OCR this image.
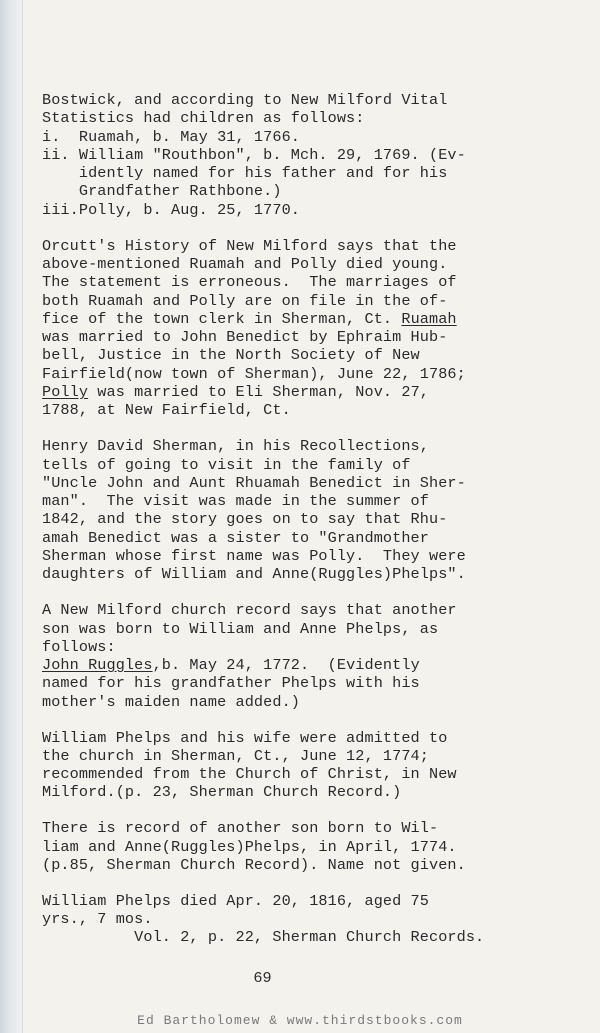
Bostwick, and according to New Milford Vital
Statistics had children as follows:
i.  Ruamah, b. May 31, 1766.
ii. William "Routhbon", b. Mch. 29, 1769. (Ev-
idently named for his father and for his
Grandfather Rathbone.)
iii.Polly, b. Aug. 25, 1770.
Orcutt's History of New Milford says that the
above-mentioned Ruamah and Polly died young.
The statement is erroneous.  The marriages of
both Ruamah and Polly are on file in the of-
fice of the town clerk in Sherman, Ct. Ruamah
was married to John Benedict by Ephraim Hub-
bell, Justice in the North Society of New
Fairfield(now town of Sherman), June 22, 1786;
Polly was married to Eli Sherman, Nov. 27,
1788, at New Fairfield, Ct.
Henry David Sherman, in his Recollections,
tells of going to visit in the family of
"Uncle John and Aunt Rhuamah Benedict in Sher-
man".  The visit was made in the summer of
1842, and the story goes on to say that Rhu-
amah Benedict was a sister to "Grandmother
Sherman whose first name was Polly.  They were
daughters of William and Anne(Ruggles)Phelps".
A New Milford church record says that another
son was born to William and Anne Phelps, as
follows:
John Ruggles,b. May 24, 1772.  (Evidently
named for his grandfather Phelps with his
mother's maiden name added.)
William Phelps and his wife were admitted to
the church in Sherman, Ct., June 12, 1774;
recommended from the Church of Christ, in New
Milford.(p. 23, Sherman Church Record.)
There is record of another son born to Wil-
liam and Anne(Ruggles)Phelps, in April, 1774.
(p.85, Sherman Church Record). Name not given.
William Phelps died Apr. 20, 1816, aged 75
yrs., 7 mos.
Vol. 2, p. 22, Sherman Church Records.
69
Ed Bartholomew & www.thirdstbooks.com
